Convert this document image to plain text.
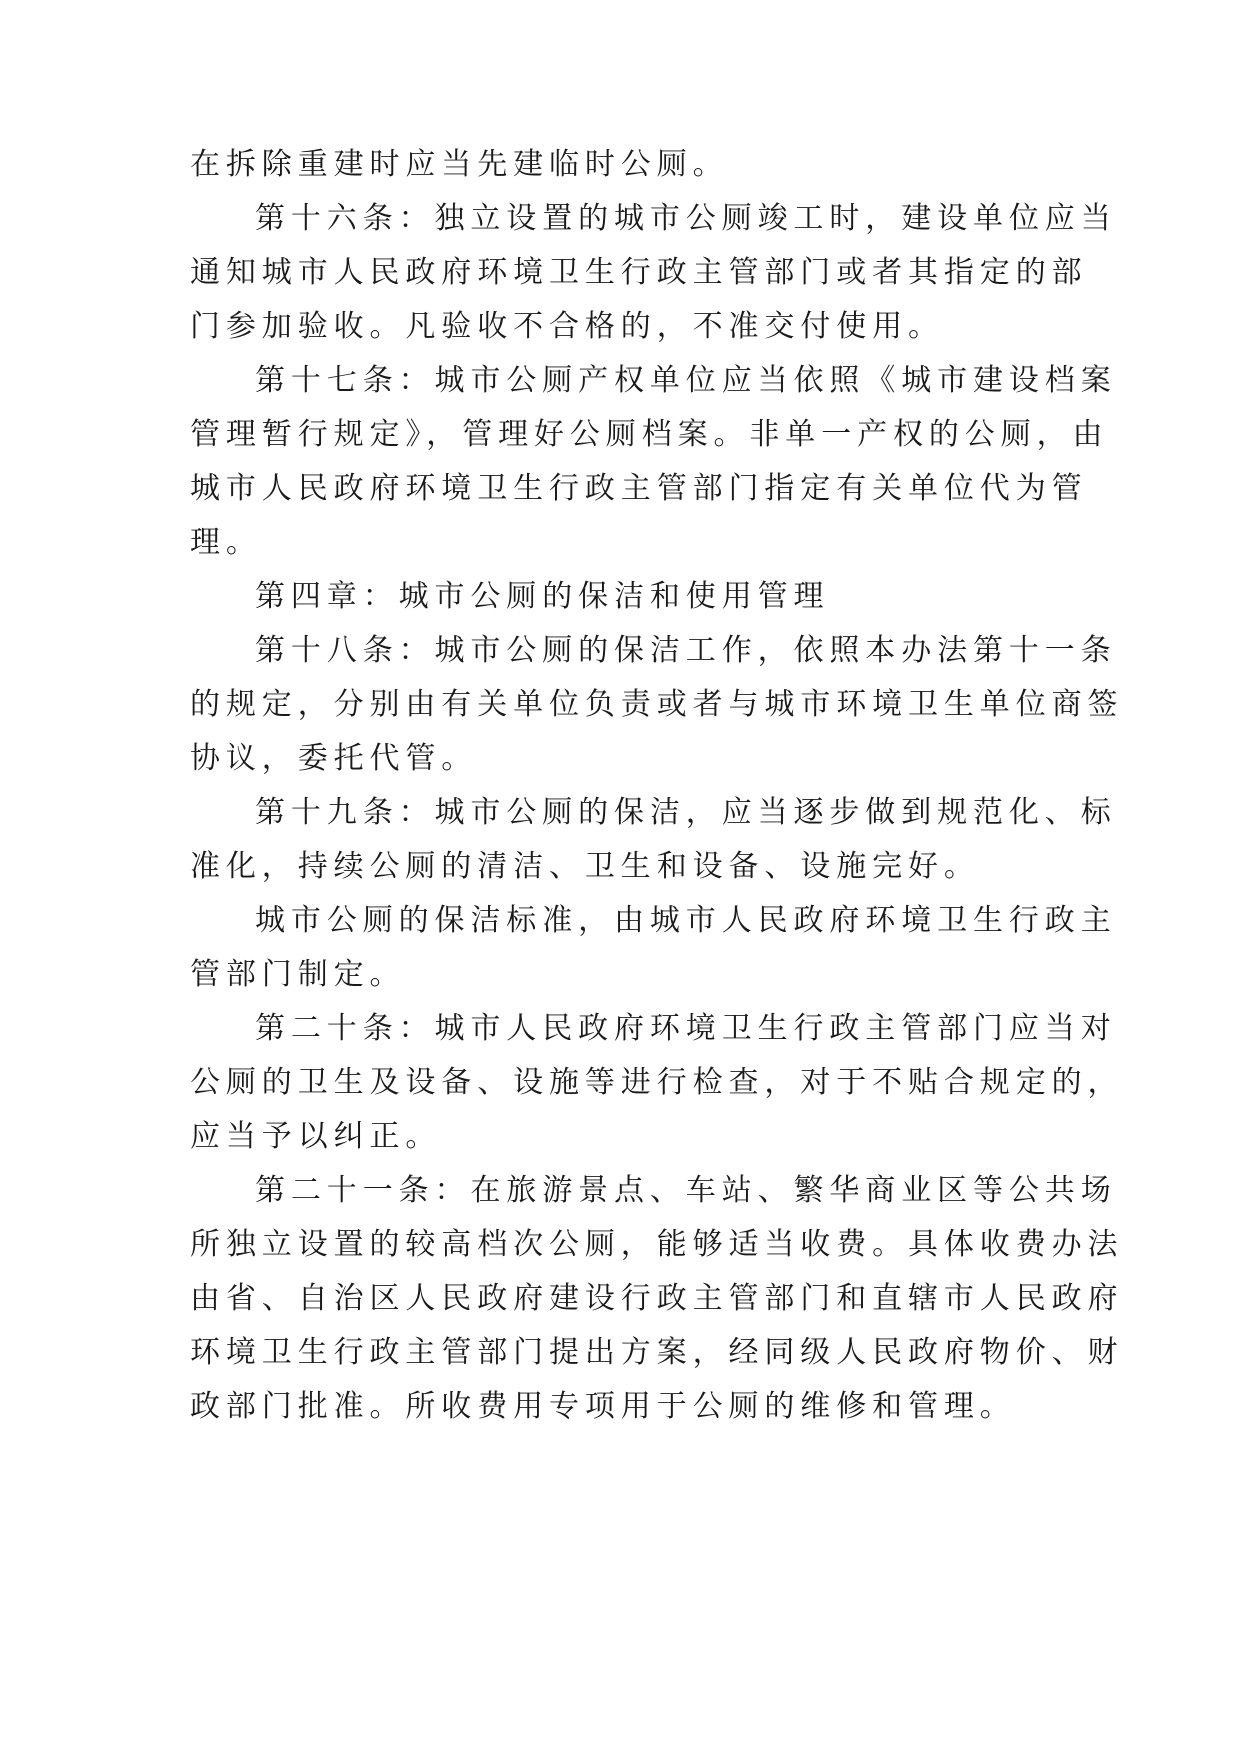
在拆除重建时应当先建临时公厕。
第十六条：独立设置的城市公厕竣工时，建设单位应当
通知城市人民政府环境卫生行政主管部门或者其指定的部
门参加验收。凡验收不合格的，不准交付使用。
第十七条：城市公厕产权单位应当依照《城市建设档案
管理暂行规定》，管理好公厕档案。非单一产权的公厕，由
城市人民政府环境卫生行政主管部门指定有关单位代为管
理。
第四章：城市公厕的保洁和使用管理
第十八条：城市公厕的保洁工作，依照本办法第十一条
的规定，分别由有关单位负责或者与城市环境卫生单位商签
协议，委托代管。
第十九条：城市公厕的保洁，应当逐步做到规范化、标
准化，持续公厕的清洁、卫生和设备、设施完好。
城市公厕的保洁标准，由城市人民政府环境卫生行政主
管部门制定。
第二十条：城市人民政府环境卫生行政主管部门应当对
公厕的卫生及设备、设施等进行检查，对于不贴合规定的，
应当予以纠正。
第二十一条：在旅游景点、车站、繁华商业区等公共场
所独立设置的较高档次公厕，能够适当收费。具体收费办法
由省、自治区人民政府建设行政主管部门和直辖市人民政府
环境卫生行政主管部门提出方案，经同级人民政府物价、财
政部门批准。所收费用专项用于公厕的维修和管理。
